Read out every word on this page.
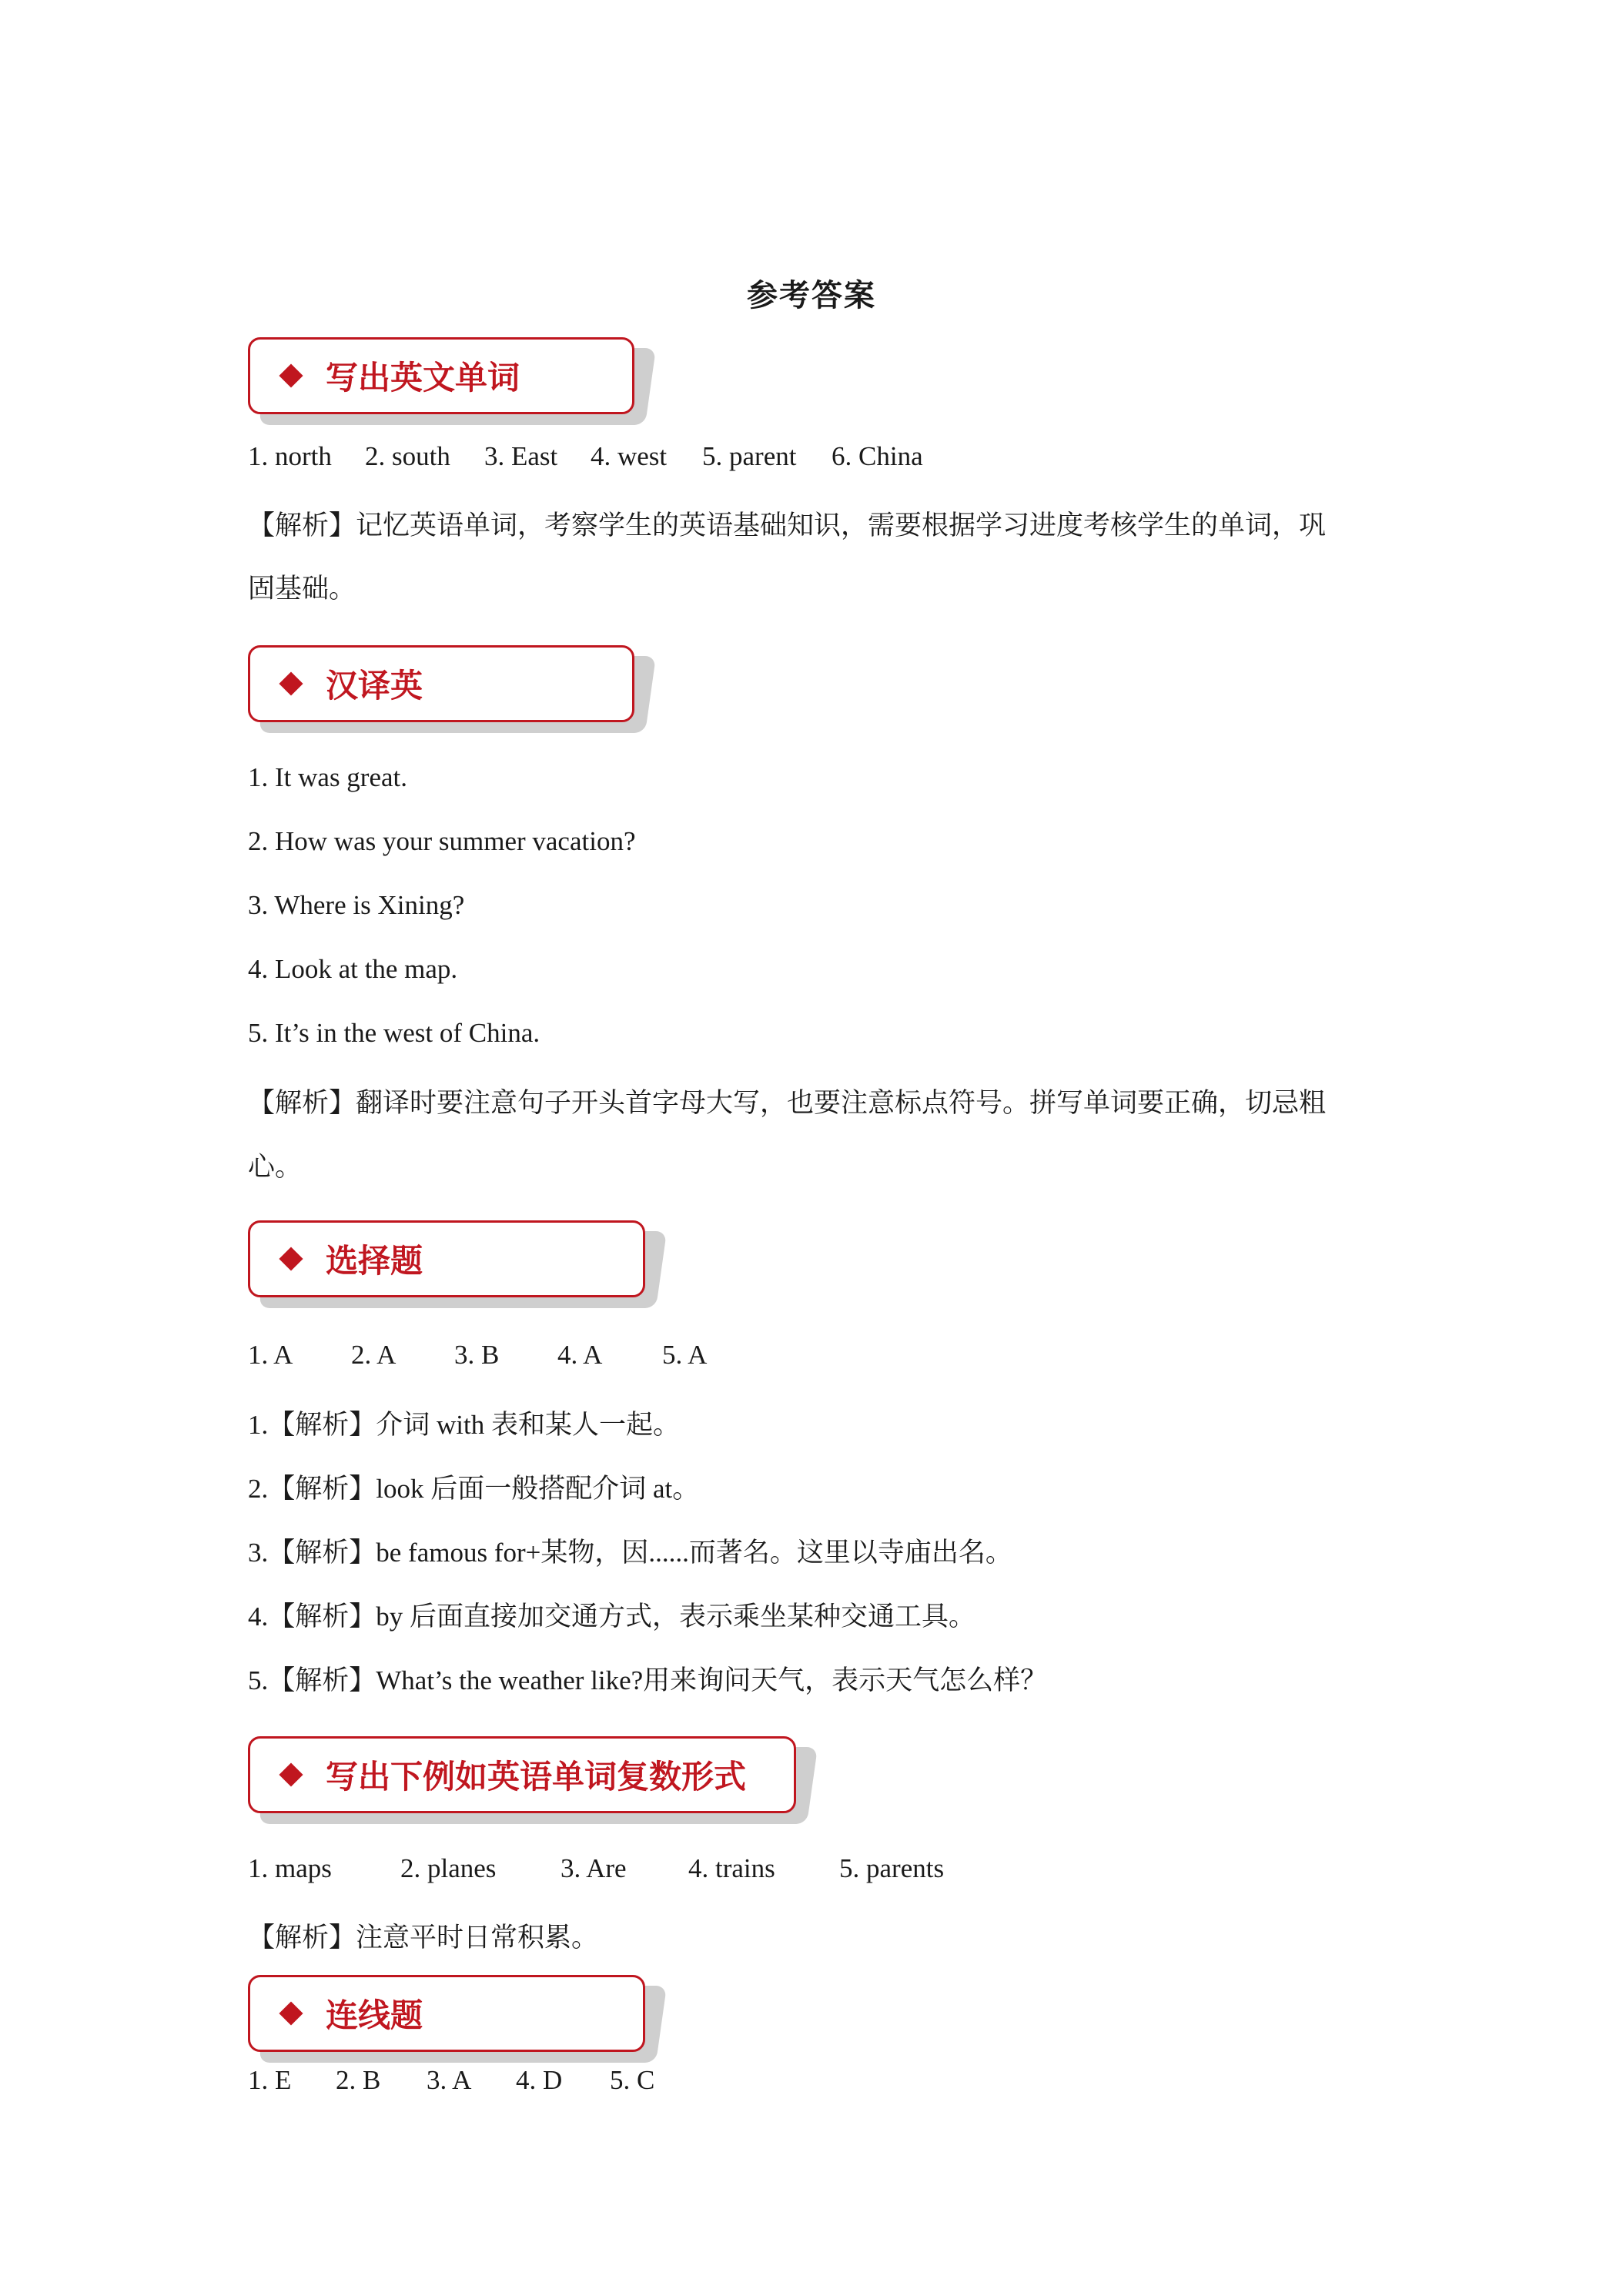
参考答案
写出英文单词
1. north 2. south 3. East 4. west 5. parent 6. China
【解析】记忆英语单词，考察学生的英语基础知识，需要根据学习进度考核学生的单词，巩
固基础。
汉译英
1. It was great.
2. How was your summer vacation?
3. Where is Xining?
4. Look at the map.
5. It’s in the west of China.
【解析】翻译时要注意句子开头首字母大写，也要注意标点符号。拼写单词要正确，切忌粗
心。
选择题
1. A 2. A 3. B 4. A 5. A
1.【解析】介词 with 表和某人一起。
2.【解析】look 后面一般搭配介词 at。
3.【解析】be famous for+某物，因......而著名。这里以寺庙出名。
4.【解析】by 后面直接加交通方式，表示乘坐某种交通工具。
5.【解析】What’s the weather like?用来询问天气，表示天气怎么样？
写出下例如英语单词复数形式
1. maps	2. planes 3. Are 4. trains 5. parents
【解析】注意平时日常积累。
连线题
1. E 2. B 3. A 4. D 5. C
